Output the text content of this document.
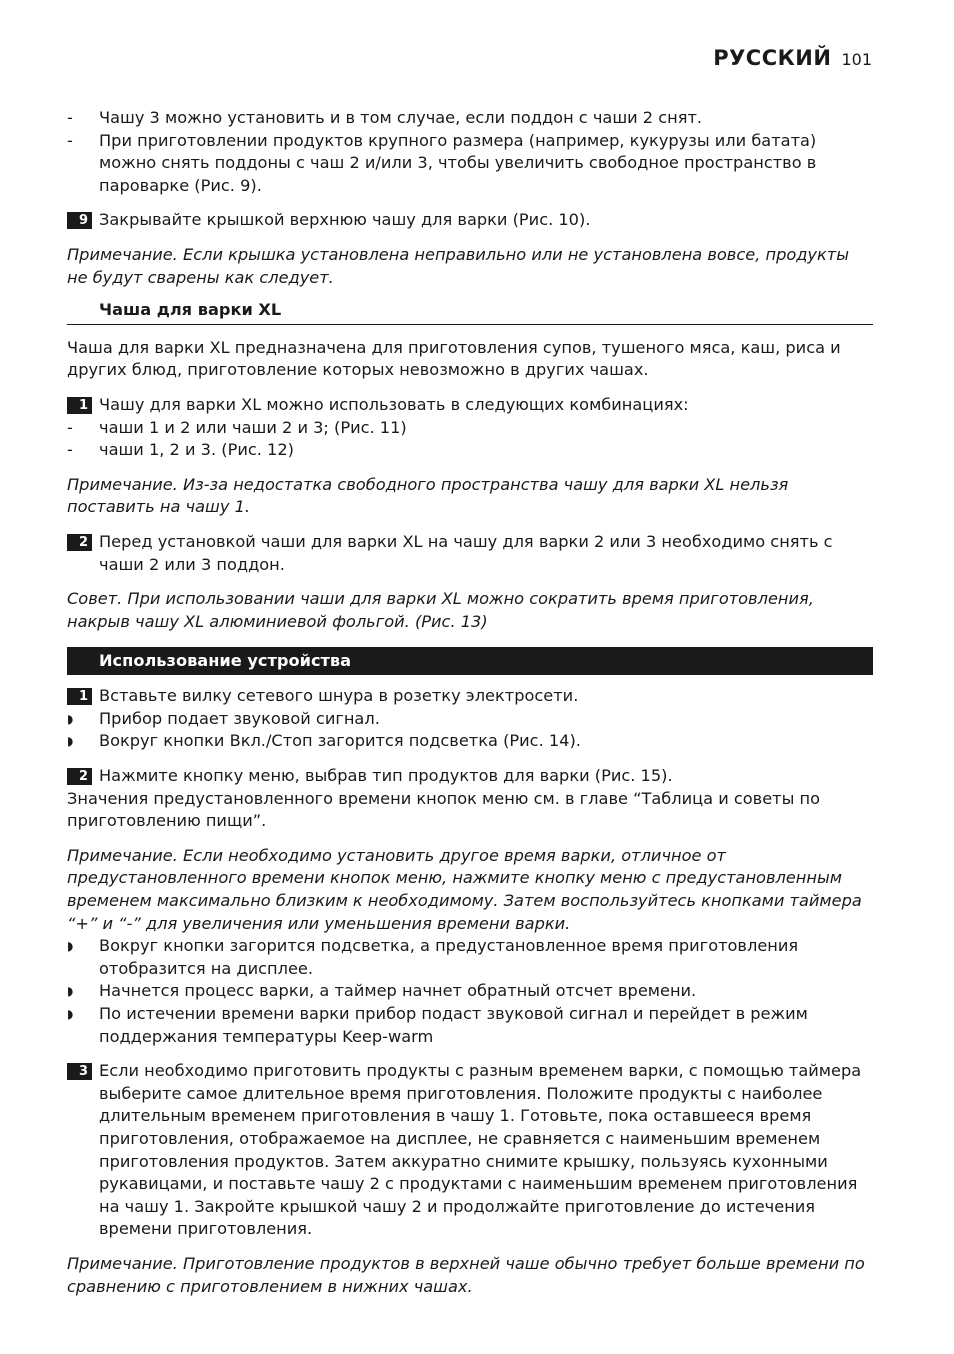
РУССКИЙ 101
- Чашу 3 можно установить и в том случае, если поддон с чаши 2 снят.
- При приготовлении продуктов крупного размера (например, кукурузы или батата) можно снять поддоны с чаш 2 и/или 3, чтобы увеличить свободное пространство в пароварке (Рис. 9).
9 Закрывайте крышкой верхнюю чашу для варки (Рис. 10).
Примечание. Если крышка установлена неправильно или не установлена вовсе, продукты не будут сварены как следует.
Чаша для варки XL
Чаша для варки XL предназначена для приготовления супов, тушеного мяса, каш, риса и других блюд, приготовление которых невозможно в других чашах.
1 Чашу для варки XL можно использовать в следующих комбинациях:
- чаши 1 и 2 или чаши 2 и 3; (Рис. 11)
- чаши 1, 2 и 3. (Рис. 12)
Примечание. Из-за недостатка свободного пространства чашу для варки XL нельзя поставить на чашу 1.
2 Перед установкой чаши для варки XL на чашу для варки 2 или 3 необходимо снять с чаши 2 или 3 поддон.
Совет. При использовании чаши для варки XL можно сократить время приготовления, накрыв чашу XL алюминиевой фольгой. (Рис. 13)
Использование устройства
1 Вставьте вилку сетевого шнура в розетку электросети.
◗ Прибор подает звуковой сигнал.
◗ Вокруг кнопки Вкл./Стоп загорится подсветка (Рис. 14).
2 Нажмите кнопку меню, выбрав тип продуктов для варки (Рис. 15).
Значения предустановленного времени кнопок меню см. в главе “Таблица и советы по приготовлению пищи”.
Примечание. Если необходимо установить другое время варки, отличное от предустановленного времени кнопок меню, нажмите кнопку меню с предустановленным временем максимально близким к необходимому. Затем воспользуйтесь кнопками таймера “+” и “-” для увеличения или уменьшения времени варки.
◗ Вокруг кнопки загорится подсветка, а предустановленное время приготовления отобразится на дисплее.
◗ Начнется процесс варки, а таймер начнет обратный отсчет времени.
◗ По истечении времени варки прибор подаст звуковой сигнал и перейдет в режим поддержания температуры Keep-warm
3 Если необходимо приготовить продукты с разным временем варки, с помощью таймера выберите самое длительное время приготовления. Положите продукты с наиболее длительным временем приготовления в чашу 1. Готовьте, пока оставшееся время приготовления, отображаемое на дисплее, не сравняется с наименьшим временем приготовления продуктов. Затем аккуратно снимите крышку, пользуясь кухонными рукавицами, и поставьте чашу 2 с продуктами с наименьшим временем приготовления на чашу 1. Закройте крышкой чашу 2 и продолжайте приготовление до истечения времени приготовления.
Примечание. Приготовление продуктов в верхней чаше обычно требует больше времени по сравнению с приготовлением в нижних чашах.
